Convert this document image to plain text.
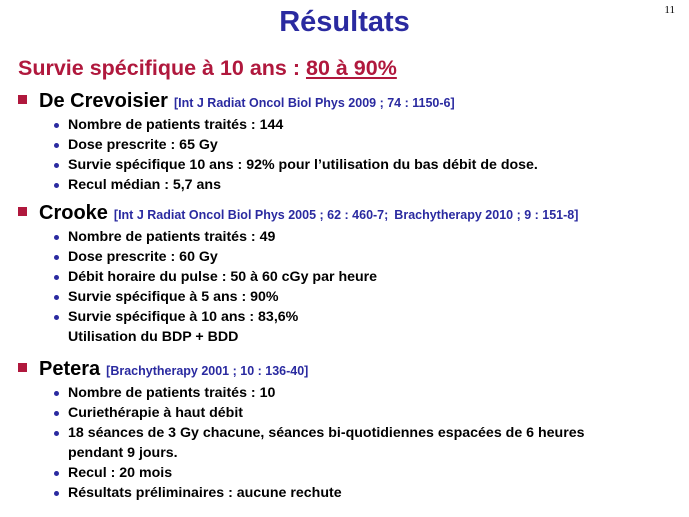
11
Résultats
Survie spécifique à 10 ans : 80 à 90%
De Crevoisier [Int J Radiat Oncol Biol Phys 2009 ; 74 : 1150-6]
Nombre de patients traités : 144
Dose prescrite : 65 Gy
Survie spécifique 10 ans : 92% pour l’utilisation du bas débit de dose.
Recul médian : 5,7 ans
Crooke [Int J Radiat Oncol Biol Phys 2005 ; 62 : 460-7; Brachytherapy 2010 ; 9 : 151-8]
Nombre de patients traités : 49
Dose prescrite : 60 Gy
Débit horaire du pulse : 50 à 60 cGy par heure
Survie spécifique à 5 ans : 90%
Survie spécifique à 10 ans : 83,6%
Utilisation du BDP + BDD
Petera [Brachytherapy 2001 ; 10 : 136-40]
Nombre de patients traités : 10
Curiethérapie à haut débit
18 séances de 3 Gy chacune, séances bi-quotidiennes espacées de 6 heures pendant 9 jours.
Recul : 20 mois
Résultats préliminaires : aucune rechute
